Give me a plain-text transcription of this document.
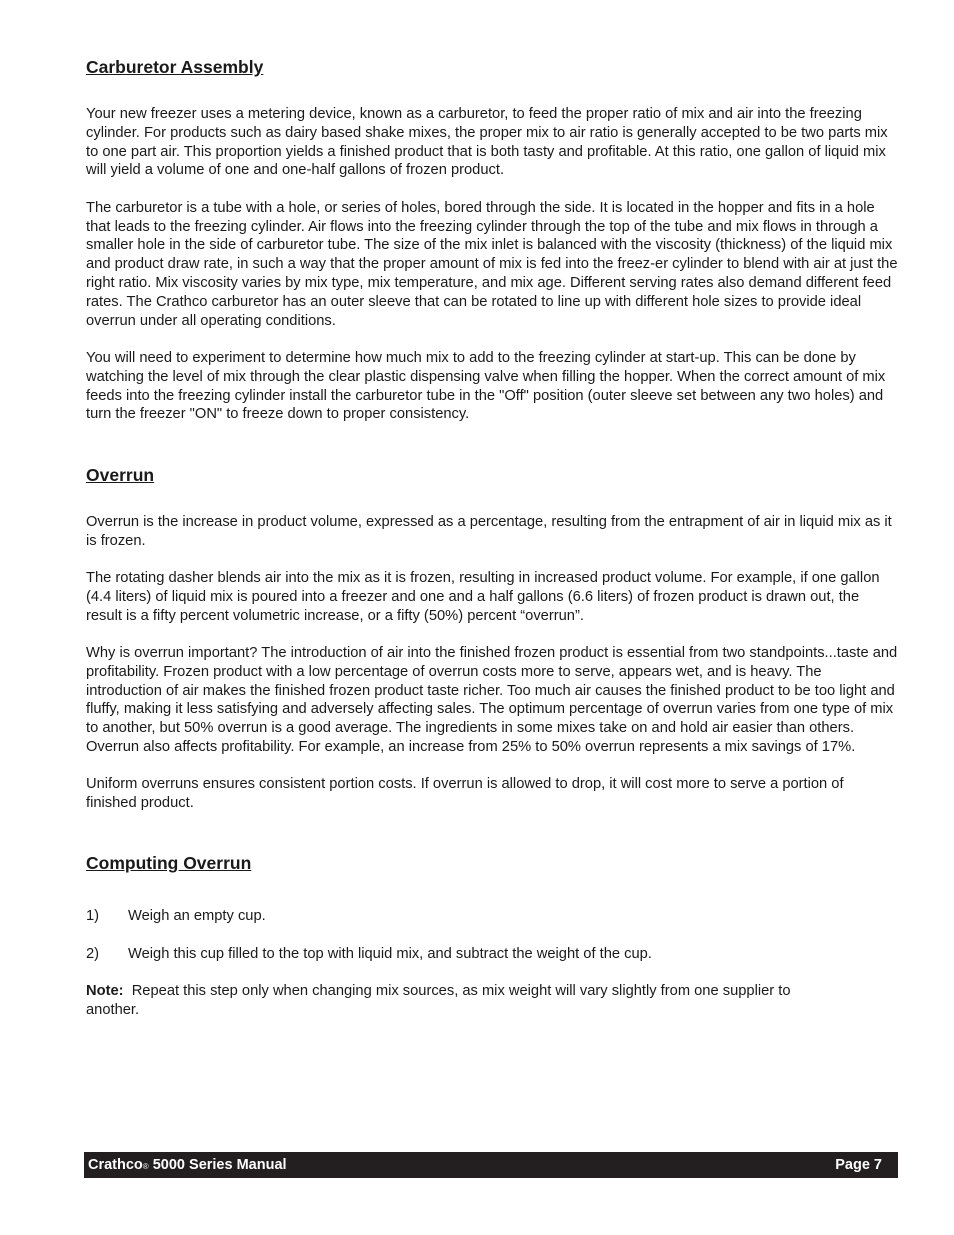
Carburetor Assembly

Your new freezer uses a metering device, known as a carburetor, to feed the proper ratio of mix and air into the freezing cylinder. For products such as dairy based shake mixes, the proper mix to air ratio is generally accepted to be two parts mix to one part air. This proportion yields a finished product that is both tasty and profitable. At this ratio, one gallon of liquid mix will yield a volume of one and one-half gallons of frozen product.

The carburetor is a tube with a hole, or series of holes, bored through the side. It is located in the hopper and fits in a hole that leads to the freezing cylinder. Air flows into the freezing cylinder through the top of the tube and mix flows in through a smaller hole in the side of carburetor tube. The size of the mix inlet is balanced with the viscosity (thickness) of the liquid mix and product draw rate, in such a way that the proper amount of mix is fed into the freez-er cylinder to blend with air at just the right ratio. Mix viscosity varies by mix type, mix temperature, and mix age. Different serving rates also demand different feed rates. The Crathco carburetor has an outer sleeve that can be rotated to line up with different hole sizes to provide ideal overrun under all operating conditions.

You will need to experiment to determine how much mix to add to the freezing cylinder at start-up. This can be done by watching the level of mix through the clear plastic dispensing valve when filling the hopper. When the correct amount of mix feeds into the freezing cylinder install the carburetor tube in the "Off" position (outer sleeve set between any two holes) and turn the freezer "ON" to freeze down to proper consistency.

Overrun

Overrun is the increase in product volume, expressed as a percentage, resulting from the entrapment of air in liquid mix as it is frozen.

The rotating dasher blends air into the mix as it is frozen, resulting in increased product volume. For example, if one gallon (4.4 liters) of liquid mix is poured into a freezer and one and a half gallons (6.6 liters) of frozen product is drawn out, the result is a fifty percent volumetric increase, or a fifty (50%) percent “overrun”.

Why is overrun important? The introduction of air into the finished frozen product is essential from two standpoints...taste and profitability. Frozen product with a low percentage of overrun costs more to serve, appears wet, and is heavy. The introduction of air makes the finished frozen product taste richer. Too much air causes the finished product to be too light and fluffy, making it less satisfying and adversely affecting sales. The optimum percentage of overrun varies from one type of mix to another, but 50% overrun is a good average. The ingredients in some mixes take on and hold air easier than others. Overrun also affects profitability. For example, an increase from 25% to 50% overrun represents a mix savings of 17%.

Uniform overruns ensures consistent portion costs. If overrun is allowed to drop, it will cost more to serve a portion of finished product.

Computing Overrun
1)	Weigh an empty cup.
2)	Weigh this cup filled to the top with liquid mix, and subtract the weight of the cup.

Note: Repeat this step only when changing mix sources, as mix weight will vary slightly from one supplier to another.

Crathco® 5000 Series Manual	Page 7
